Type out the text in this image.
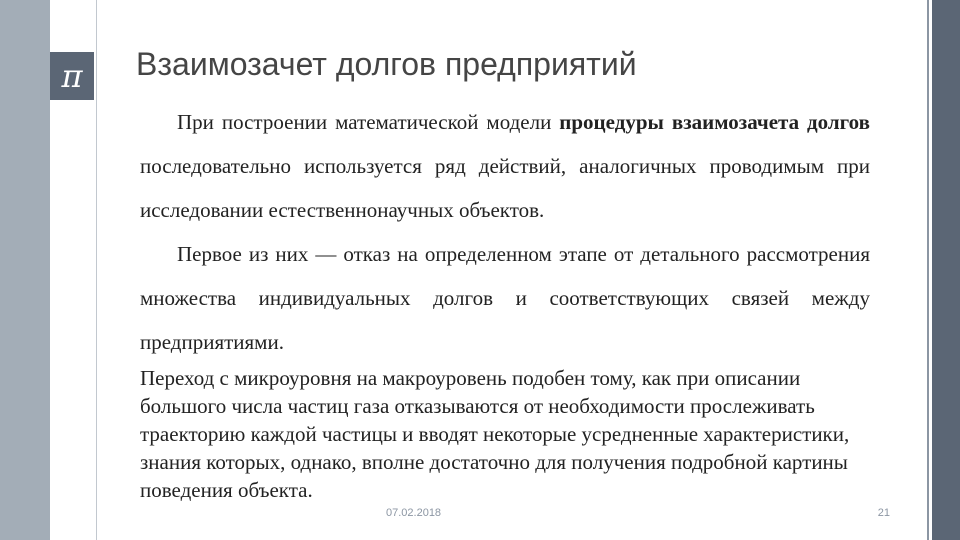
π Взаимозачет долгов предприятий

При построении математической модели процедуры взаимозачета долгов последовательно используется ряд действий, аналогичных проводимым при исследовании естественнонаучных объектов.

Первое из них — отказ на определенном этапе от детального рассмотрения множества индивидуальных долгов и соответствующих связей между предприятиями.

Переход с микроуровня на макроуровень подобен тому, как при описании большого числа частиц газа отказываются от необходимости прослеживать траекторию каждой частицы и вводят некоторые усредненные характеристики, знания которых, однако, вполне достаточно для получения подробной картины поведения объекта.

07.02.2018	21
